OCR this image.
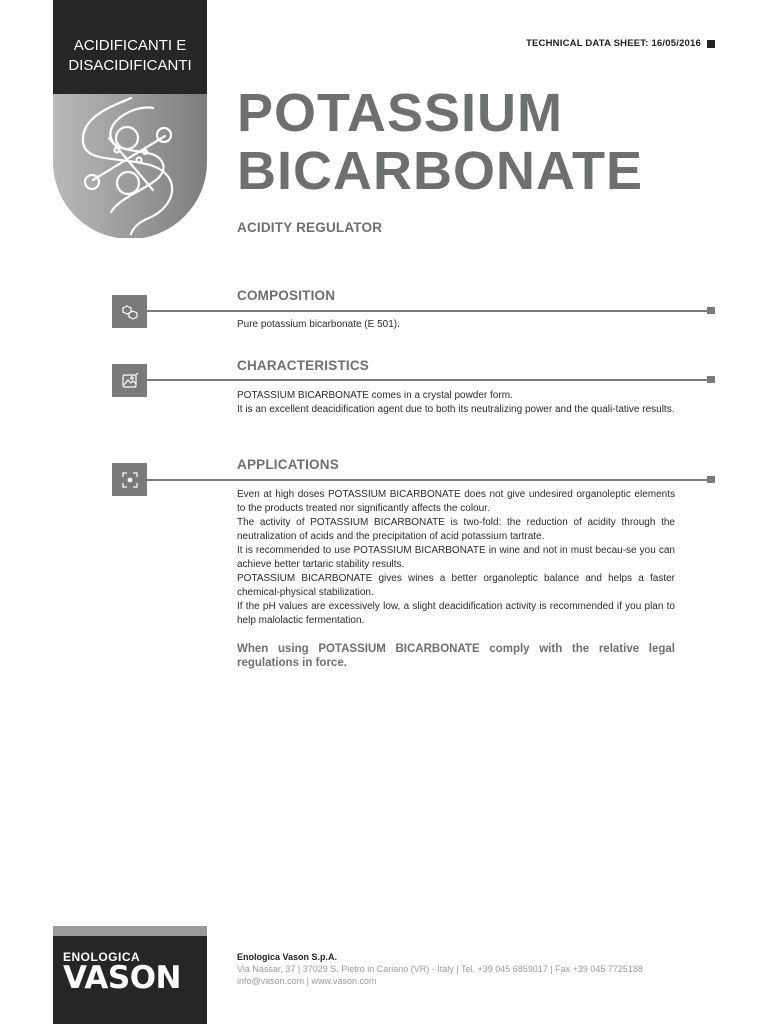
ACIDIFICANTI E
DISACIDIFICANTI
TECHNICAL DATA SHEET: 16/05/2016
POTASSIUM
BICARBONATE
ACIDITY REGULATOR
COMPOSITION

Pure potassium bicarbonate (E 501).

CHARACTERISTICS

POTASSIUM BICARBONATE comes in a crystal powder form.

It is an excellent deacidification agent due to both its neutralizing power and the quali-tative results.

APPLICATIONS

Even at high doses POTASSIUM BICARBONATE does not give undesired organoleptic elements to the products treated nor significantly affects the colour.

The activity of POTASSIUM BICARBONATE is two-fold: the reduction of acidity through the neutralization of acids and the precipitation of acid potassium tartrate.

It is recommended to use POTASSIUM BICARBONATE in wine and not in must becau-se you can achieve better tartaric stability results.

POTASSIUM BICARBONATE gives wines a better organoleptic balance and helps a faster chemical-physical stabilization.

If the pH values are excessively low, a slight deacidification activity is recommended if you plan to help malolactic fermentation.

When using POTASSIUM BICARBONATE comply with the relative legal regulations in force.
ENOLOGICA
VASON
Enologica Vason S.p.A.
Via Nassar, 37 | 37029 S. Pietro in Cariano (VR) - Italy | Tel. +39 045 6859017 | Fax +39 045 7725188
info@vason.com | www.vason.com
